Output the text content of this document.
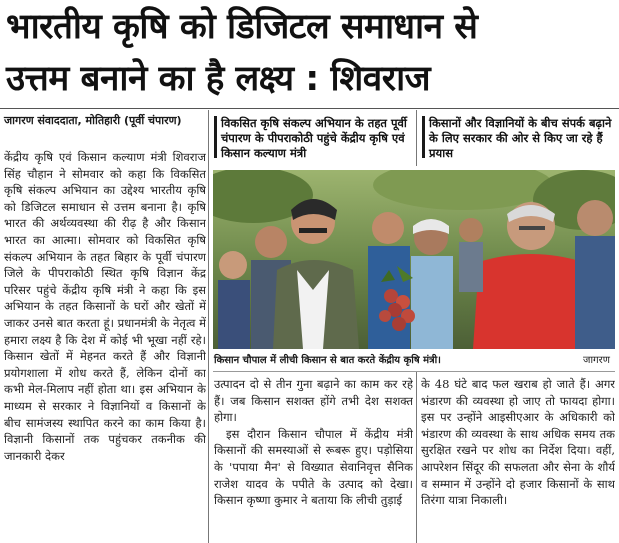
भारतीय कृषि को डिजिटल समाधान से
उत्तम बनाने का है लक्ष्य : शिवराज
जागरण संवाददाता, मोतिहारी (पूर्वी चंपारण)	विकसित कृषि संकल्प अभियान के तहत पूर्वी चंपारण के पीपराकोठी पहुंचे केंद्रीय कृषि एवं किसान कल्याण मंत्री
किसानों और विज्ञानियों के बीच संपर्क बढ़ाने के लिए सरकार की ओर से किए जा रहे हैं प्रयास

केंद्रीय कृषि एवं किसान कल्याण मंत्री शिवराज सिंह चौहान ने सोमवार को कहा कि विकसित कृषि संकल्प अभियान का उद्देश्य भारतीय कृषि को डिजिटल समाधान से उत्तम बनाना है। कृषि भारत की अर्थव्यवस्था की रीढ़ है और किसान भारत का आत्मा। सोमवार को विकसित कृषि संकल्प अभियान के तहत बिहार के पूर्वी चंपारण जिले के पीपराकोठी स्थित कृषि विज्ञान केंद्र परिसर पहुंचे केंद्रीय कृषि मंत्री ने कहा कि इस अभियान के तहत किसानों के घरों और खेतों में जाकर उनसे बात करता हूं। प्रधानमंत्री के नेतृत्व में हमारा लक्ष्य है कि देश में कोई भी भूखा नहीं रहे। किसान खेतों में मेहनत करते हैं और विज्ञानी प्रयोगशाला में शोध करते हैं, लेकिन दोनों का कभी मेल-मिलाप नहीं होता था। इस अभियान के माध्यम से सरकार ने विज्ञानियों व किसानों के बीच सामंजस्य स्थापित करने का काम किया है। विज्ञानी किसानों तक पहुंचकर तकनीक की जानकारी देकर

किसान चौपाल में लीची किसान से बात करते केंद्रीय कृषि मंत्री।	जागरण

उत्पादन दो से तीन गुना बढ़ाने का काम कर रहे हैं। जब किसान सशक्त होंगे तभी देश सशक्त होगा।

इस दौरान किसान चौपाल में केंद्रीय मंत्री किसानों की समस्याओं से रूबरू हुए। पड़ोसिया के 'पपाया मैन' से विख्यात सेवानिवृत्त सैनिक राजेश यादव के पपीते के उत्पाद को देखा। किसान कृष्णा कुमार ने बताया कि लीची तुड़ाई

के 48 घंटे बाद फल खराब हो जाते हैं। अगर भंडारण की व्यवस्था हो जाए तो फायदा होगा। इस पर उन्होंने आइसीएआर के अधिकारी को भंडारण की व्यवस्था के साथ अधिक समय तक सुरक्षित रखने पर शोध का निर्देश दिया। वहीं, आपरेशन सिंदूर की सफलता और सेना के शौर्य व सम्मान में उन्होंने दो हजार किसानों के साथ तिरंगा यात्रा निकाली।
